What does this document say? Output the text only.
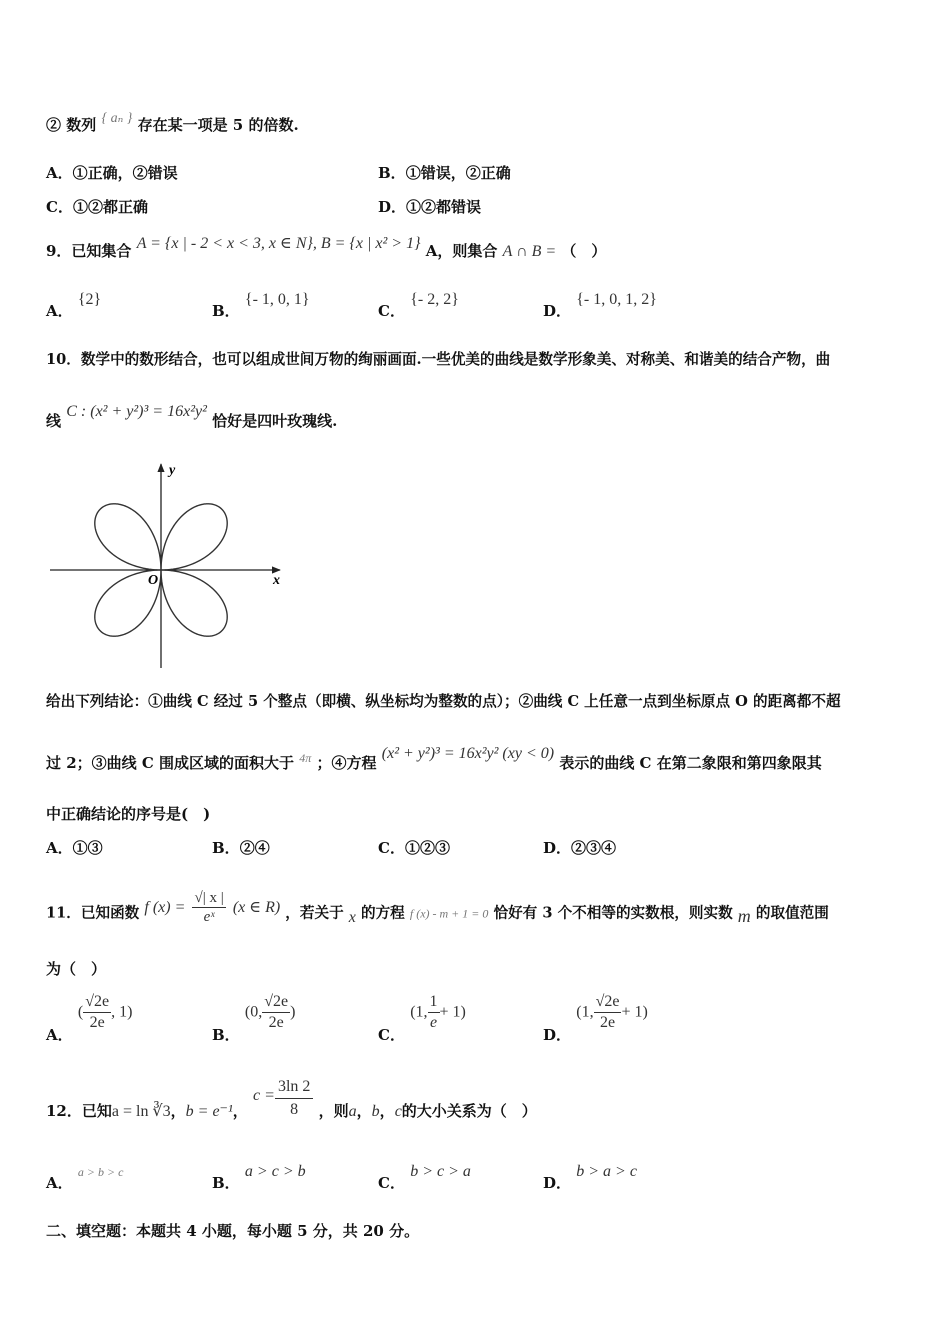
② 数列 { aₙ } 存在某一项是 5 的倍数.
A．①正确，②错误	B．①错误，②正确
C．①②都正确	D．①②都错误
9．已知集合 A = {x | - 2 < x < 3, x ∈ N}, B = {x | x² > 1} A，则集合 A ∩ B = （　）
A． {2}
B． {- 1, 0, 1}
C． {- 2, 2}
D． {- 1, 0, 1, 2}
10．数学中的数形结合，也可以组成世间万物的绚丽画面.一些优美的曲线是数学形象美、对称美、和谐美的结合产物，曲
线 C : (x² + y²)³ = 16x²y² 恰好是四叶玫瑰线.
y
x
O
给出下列结论：①曲线 C 经过 5 个整点（即横、纵坐标均为整数的点）；②曲线 C 上任意一点到坐标原点 O 的距离都不超
过 2；③曲线 C 围成区域的面积大于 $^{4\pi}$ ；④方程 (x² + y²)³ = 16x²y² (xy < 0) 表示的曲线 C 在第二象限和第四象限其
中正确结论的序号是(　)
A．①③	B．②④	C．①②③	D．②③④
11．已知函数 f $(x) = \frac{√| x |}{\text{eˣ}} (x$ ∈ R) ，若关于 x 的方程 f (x) - m + 1 = 0 恰好有 3 个不相等的实数根，则实数 m 的取值范围
为（　）
A． ( $\frac{√2e}{2e}$ , 1)
B． (0, $\frac{√2e}{2e}$ )
C． (1, $\frac{1}{e} + 1$)
D． (1, $\frac{√2e}{2e} + 1$)
12．已知a = ln ∛3，b = e⁻¹， $c = \frac{3\ln 2}{8}$ ，则a，b，c的大小关系为（　）
A． $^{a > b > c}$
B． a > c > b
C． b > c > a
D． b > a > c
二、填空题：本题共 4 小题，每小题 5 分，共 20 分。
